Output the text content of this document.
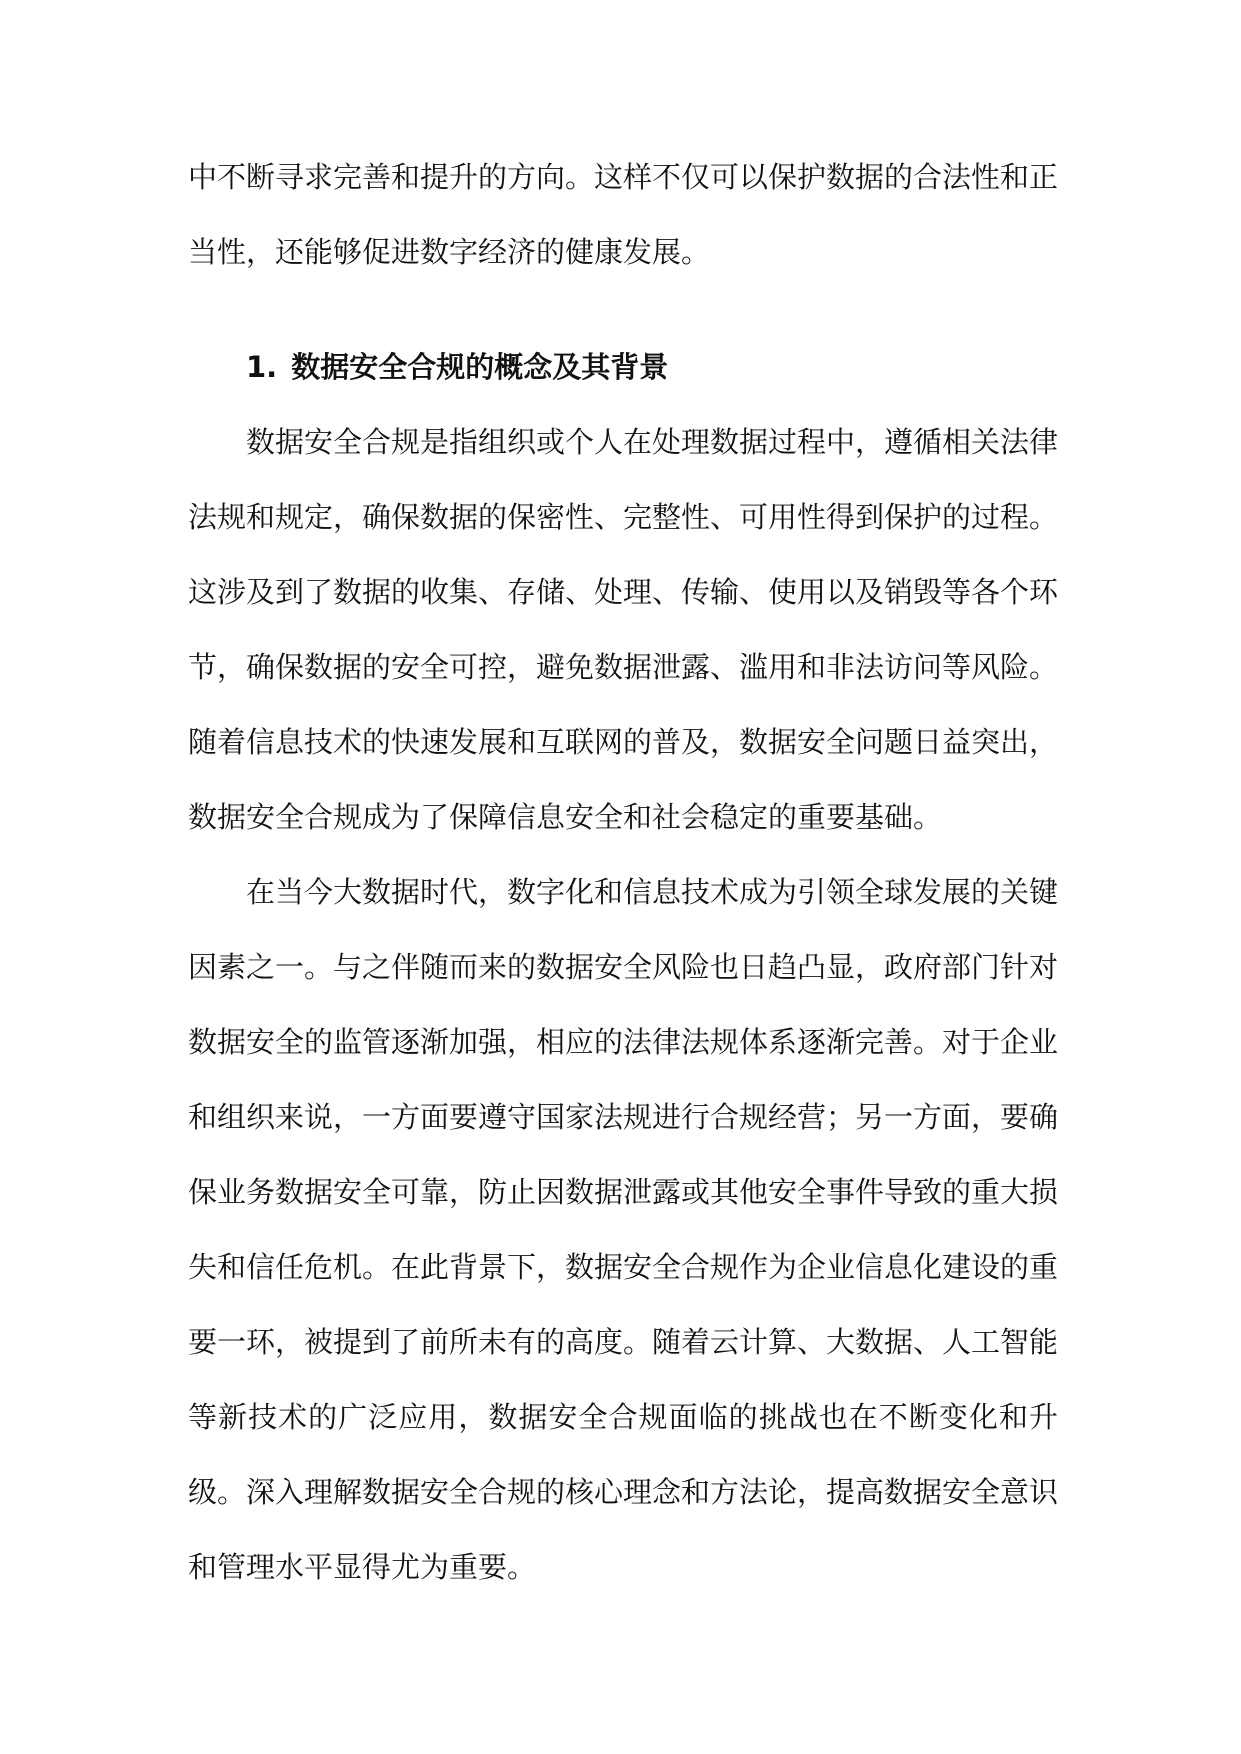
中不断寻求完善和提升的方向。这样不仅可以保护数据的合法性和正当性，还能够促进数字经济的健康发展。

1. 数据安全合规的概念及其背景

数据安全合规是指组织或个人在处理数据过程中，遵循相关法律法规和规定，确保数据的保密性、完整性、可用性得到保护的过程。这涉及到了数据的收集、存储、处理、传输、使用以及销毁等各个环节，确保数据的安全可控，避免数据泄露、滥用和非法访问等风险。随着信息技术的快速发展和互联网的普及，数据安全问题日益突出，数据安全合规成为了保障信息安全和社会稳定的重要基础。

在当今大数据时代，数字化和信息技术成为引领全球发展的关键因素之一。与之伴随而来的数据安全风险也日趋凸显，政府部门针对数据安全的监管逐渐加强，相应的法律法规体系逐渐完善。对于企业和组织来说，一方面要遵守国家法规进行合规经营；另一方面，要确保业务数据安全可靠，防止因数据泄露或其他安全事件导致的重大损失和信任危机。在此背景下，数据安全合规作为企业信息化建设的重要一环，被提到了前所未有的高度。随着云计算、大数据、人工智能等新技术的广泛应用，数据安全合规面临的挑战也在不断变化和升级。深入理解数据安全合规的核心理念和方法论，提高数据安全意识和管理水平显得尤为重要。
